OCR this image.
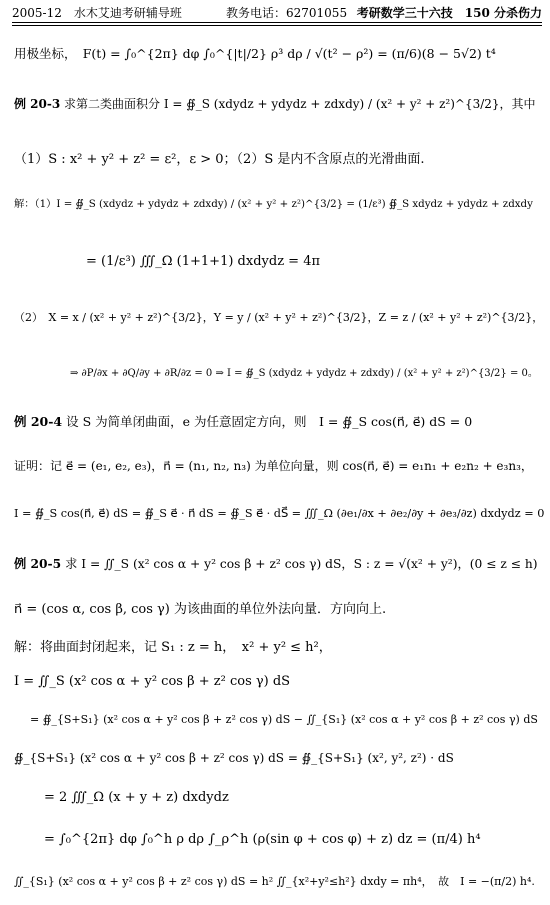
2005-12　水木艾迪考研辅导班	教务电话：62701055 考研数学三十六技　150 分杀伤力
用极坐标，　F(t) = ∫₀^{2π} dφ ∫₀^{|t|/2} ρ³ dρ / √(t² − ρ²) = (π/6)(8 − 5√2) t⁴
例 20-3 求第二类曲面积分 I = ∯_S (xdydz + ydydz + zdxdy) / (x² + y² + z²)^{3/2}，其中
（1）S : x² + y² + z² = ε²，ε > 0；（2）S 是内不含原点的光滑曲面.
解：（1）I = ∯_S (xdydz + ydydz + zdxdy) / (x² + y² + z²)^{3/2} = (1/ε³) ∯_S xdydz + ydydz + zdxdy
= (1/ε³) ∭_Ω (1+1+1) dxdydz = 4π
（2）　X = x / (x² + y² + z²)^{3/2}，Y = y / (x² + y² + z²)^{3/2}，Z = z / (x² + y² + z²)^{3/2}，
⇒ ∂P/∂x + ∂Q/∂y + ∂R/∂z = 0 ⇒ I = ∯_S (xdydz + ydydz + zdxdy) / (x² + y² + z²)^{3/2} = 0。
例 20-4 设 S 为简单闭曲面，e 为任意固定方向，则　I = ∯_S cos(n⃗, e⃗) dS = 0
证明：记 e⃗ = (e₁, e₂, e₃)，n⃗ = (n₁, n₂, n₃) 为单位向量，则 cos(n⃗, e⃗) = e₁n₁ + e₂n₂ + e₃n₃，
I = ∯_S cos(n⃗, e⃗) dS = ∯_S e⃗ · n⃗ dS = ∯_S e⃗ · dS⃗ = ∭_Ω (∂e₁/∂x + ∂e₂/∂y + ∂e₃/∂z) dxdydz = 0
例 20-5 求 I = ∬_S (x² cos α + y² cos β + z² cos γ) dS，S : z = √(x² + y²)，(0 ≤ z ≤ h)
n⃗ = (cos α, cos β, cos γ) 为该曲面的单位外法向量．方向向上.
解：将曲面封闭起来，记 S₁ : z = h，　x² + y² ≤ h²，
I = ∬_S (x² cos α + y² cos β + z² cos γ) dS
= ∯_{S+S₁} (x² cos α + y² cos β + z² cos γ) dS − ∬_{S₁} (x² cos α + y² cos β + z² cos γ) dS
∯_{S+S₁} (x² cos α + y² cos β + z² cos γ) dS = ∯_{S+S₁} (x², y², z²) · dS
= 2 ∭_Ω (x + y + z) dxdydz
= ∫₀^{2π} dφ ∫₀^h ρ dρ ∫_ρ^h (ρ(sin φ + cos φ) + z) dz = (π/4) h⁴
∬_{S₁} (x² cos α + y² cos β + z² cos γ) dS = h² ∬_{x²+y²≤h²} dxdy = πh⁴，　故　I = −(π/2) h⁴.
